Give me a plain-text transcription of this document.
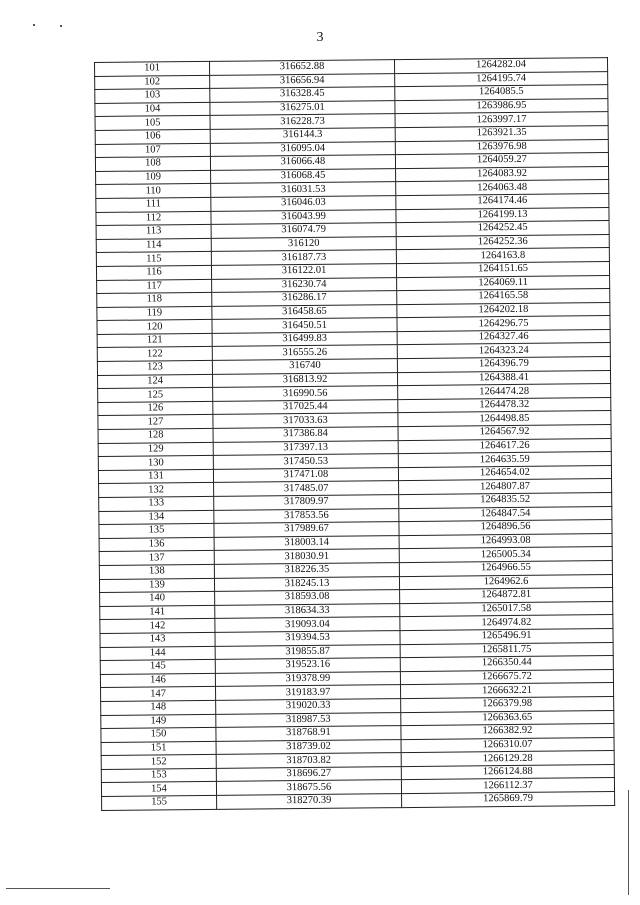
3
101	316652.88	1264282.04
102	316656.94	1264195.74
103	316328.45	1264085.5
104	316275.01	1263986.95
105	316228.73	1263997.17
106	316144.3	1263921.35
107	316095.04	1263976.98
108	316066.48	1264059.27
109	316068.45	1264083.92
110	316031.53	1264063.48
111	316046.03	1264174.46
112	316043.99	1264199.13
113	316074.79	1264252.45
114	316120	1264252.36
115	316187.73	1264163.8
116	316122.01	1264151.65
117	316230.74	1264069.11
118	316286.17	1264165.58
119	316458.65	1264202.18
120	316450.51	1264296.75
121	316499.83	1264327.46
122	316555.26	1264323.24
123	316740	1264396.79
124	316813.92	1264388.41
125	316990.56	1264474.28
126	317025.44	1264478.32
127	317033.63	1264498.85
128	317386.84	1264567.92
129	317397.13	1264617.26
130	317450.53	1264635.59
131	317471.08	1264654.02
132	317485.07	1264807.87
133	317809.97	1264835.52
134	317853.56	1264847.54
135	317989.67	1264896.56
136	318003.14	1264993.08
137	318030.91	1265005.34
138	318226.35	1264966.55
139	318245.13	1264962.6
140	318593.08	1264872.81
141	318634.33	1265017.58
142	319093.04	1264974.82
143	319394.53	1265496.91
144	319855.87	1265811.75
145	319523.16	1266350.44
146	319378.99	1266675.72
147	319183.97	1266632.21
148	319020.33	1266379.98
149	318987.53	1266363.65
150	318768.91	1266382.92
151	318739.02	1266310.07
152	318703.82	1266129.28
153	318696.27	1266124.88
154	318675.56	1266112.37
155	318270.39	1265869.79
